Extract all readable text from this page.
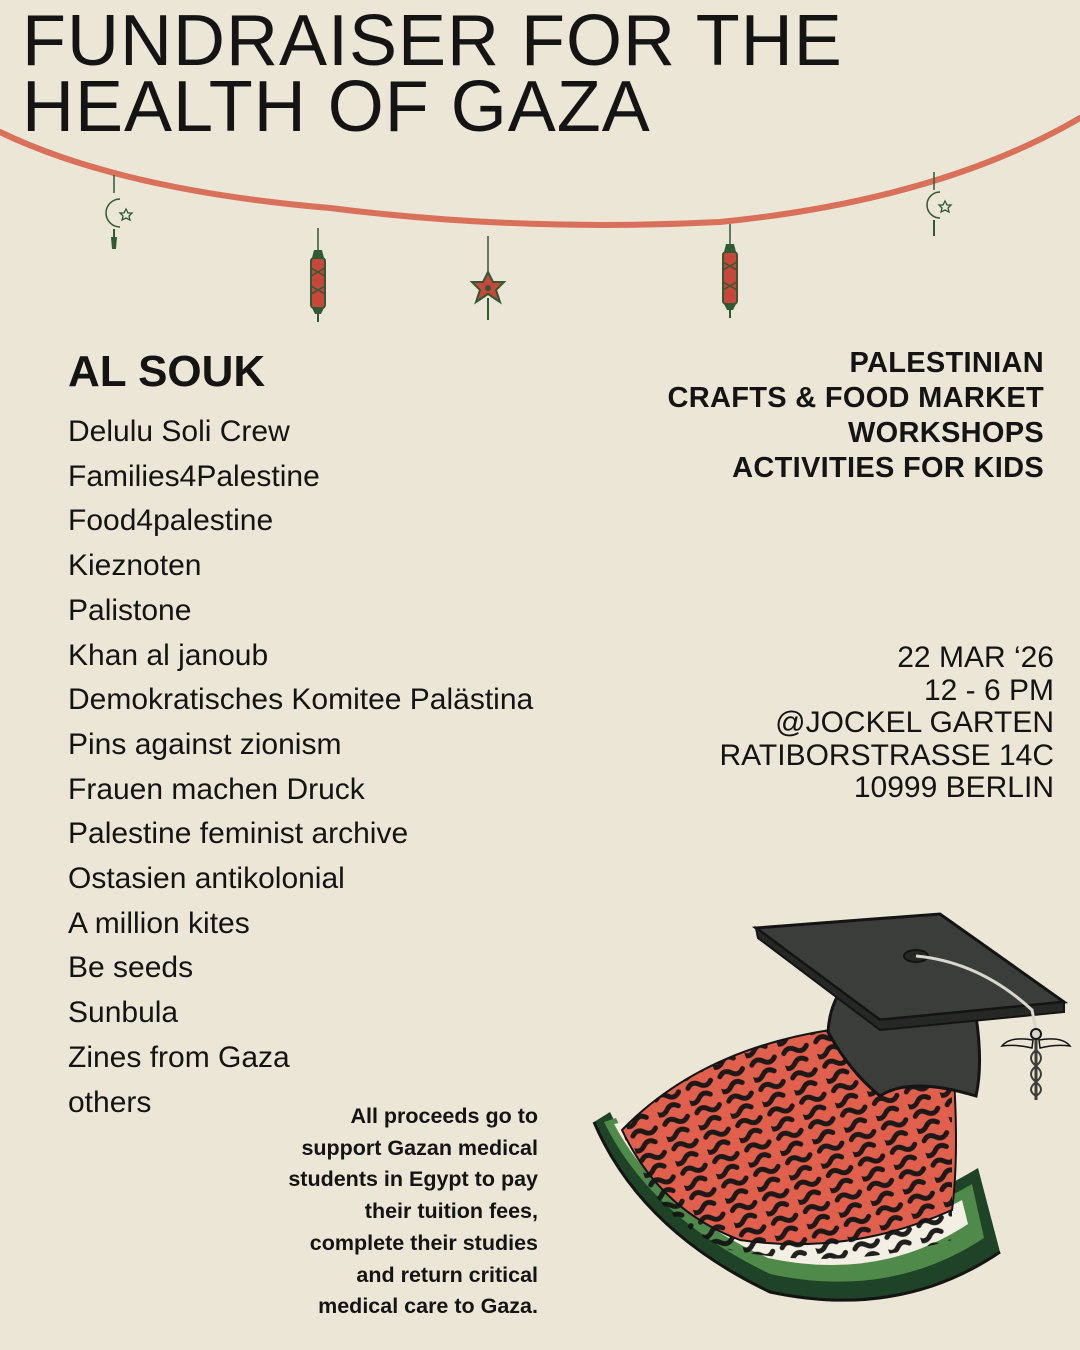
FUNDRAISER FOR THE
HEALTH OF GAZA
AL SOUK
Delulu Soli Crew
Families4Palestine
Food4palestine
Kieznoten
Palistone
Khan al janoub
Demokratisches Komitee Palästina
Pins against zionism
Frauen machen Druck
Palestine feminist archive
Ostasien antikolonial
A million kites
Be seeds
Sunbula
Zines from Gaza
others
PALESTINIAN
CRAFTS & FOOD MARKET
WORKSHOPS
ACTIVITIES FOR KIDS
22 MAR ‘26
12 - 6 PM
@JOCKEL GARTEN
RATIBORSTRASSE 14C
10999 BERLIN
All proceeds go to
support Gazan medical
students in Egypt to pay
their tuition fees,
complete their studies
and return critical
medical care to Gaza.
